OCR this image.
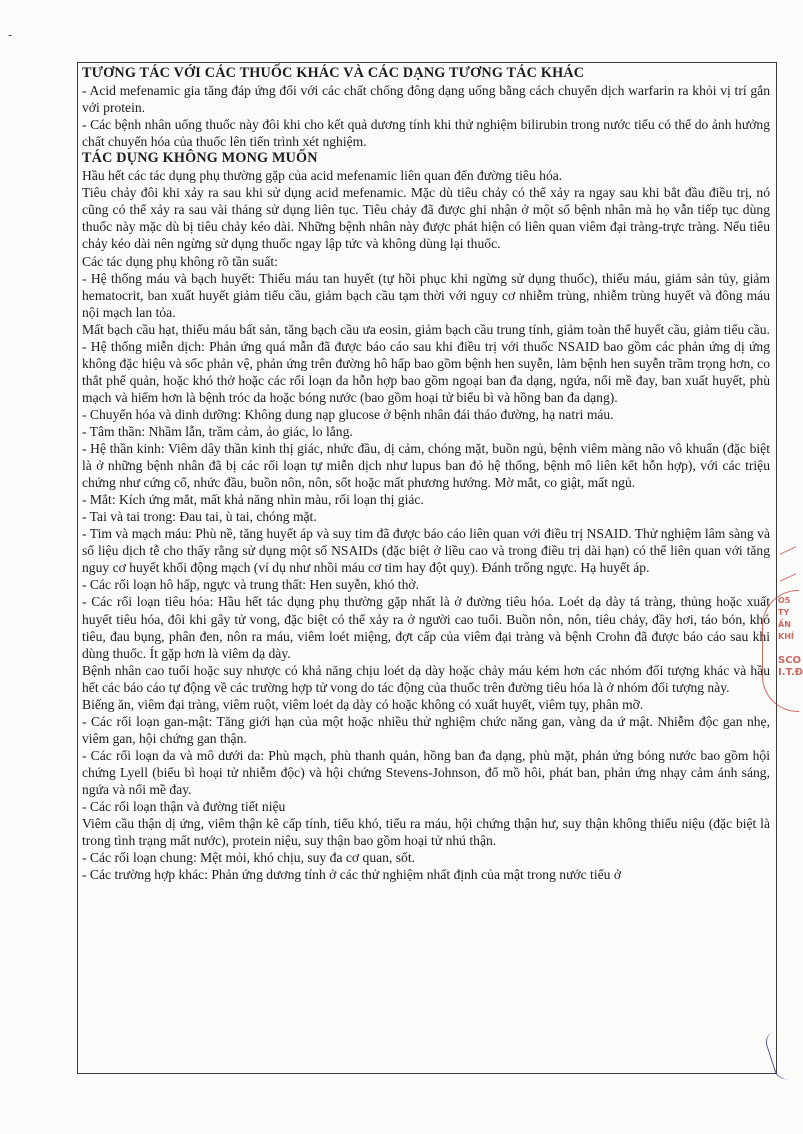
-
TƯƠNG TÁC VỚI CÁC THUỐC KHÁC VÀ CÁC DẠNG TƯƠNG TÁC KHÁC

- Acid mefenamic gia tăng đáp ứng đối với các chất chống đông dạng uống bằng cách chuyển dịch warfarin ra khỏi vị trí gắn với protein.

- Các bệnh nhân uống thuốc này đôi khi cho kết quả dương tính khi thử nghiệm bilirubin trong nước tiểu có thể do ảnh hưởng chất chuyển hóa của thuốc lên tiến trình xét nghiệm.

TÁC DỤNG KHÔNG MONG MUỐN

Hầu hết các tác dụng phụ thường gặp của acid mefenamic liên quan đến đường tiêu hóa.

Tiêu chảy đôi khi xảy ra sau khi sử dụng acid mefenamic. Mặc dù tiêu chảy có thể xảy ra ngay sau khi bắt đầu điều trị, nó cũng có thể xảy ra sau vài tháng sử dụng liên tục. Tiêu chảy đã được ghi nhận ở một số bệnh nhân mà họ vẫn tiếp tục dùng thuốc này mặc dù bị tiêu chảy kéo dài. Những bệnh nhân này được phát hiện có liên quan viêm đại tràng-trực tràng. Nếu tiêu chảy kéo dài nên ngừng sử dụng thuốc ngay lập tức và không dùng lại thuốc.

Các tác dụng phụ không rõ tần suất:

- Hệ thống máu và bạch huyết: Thiếu máu tan huyết (tự hồi phục khi ngừng sử dụng thuốc), thiếu máu, giảm sản tủy, giảm hematocrit, ban xuất huyết giảm tiểu cầu, giảm bạch cầu tạm thời với nguy cơ nhiễm trùng, nhiễm trùng huyết và đông máu nội mạch lan tỏa.

Mất bạch cầu hạt, thiếu máu bất sản, tăng bạch cầu ưa eosin, giảm bạch cầu trung tính, giảm toàn thể huyết cầu, giảm tiểu cầu.

- Hệ thống miễn dịch: Phản ứng quá mẫn đã được báo cáo sau khi điều trị với thuốc NSAID bao gồm các phản ứng dị ứng không đặc hiệu và sốc phản vệ, phản ứng trên đường hô hấp bao gồm bệnh hen suyễn, làm bệnh hen suyễn trầm trọng hơn, co thắt phế quản, hoặc khó thở hoặc các rối loạn da hỗn hợp bao gồm ngoại ban đa dạng, ngứa, nổi mề đay, ban xuất huyết, phù mạch và hiếm hơn là bệnh tróc da hoặc bóng nước (bao gồm hoại tử biểu bì và hồng ban đa dạng).

- Chuyển hóa và dinh dưỡng: Không dung nạp glucose ở bệnh nhân đái tháo đường, hạ natri máu.

- Tâm thần: Nhầm lẫn, trầm cảm, ảo giác, lo lắng.

- Hệ thần kinh: Viêm dây thần kinh thị giác, nhức đầu, dị cảm, chóng mặt, buồn ngủ, bệnh viêm màng não vô khuẩn (đặc biệt là ở những bệnh nhân đã bị các rối loạn tự miễn dịch như lupus ban đỏ hệ thống, bệnh mô liên kết hỗn hợp), với các triệu chứng như cứng cổ, nhức đầu, buồn nôn, nôn, sốt hoặc mất phương hướng. Mờ mắt, co giật, mất ngủ.

- Mắt: Kích ứng mắt, mất khả năng nhìn màu, rối loạn thị giác.

- Tai và tai trong: Đau tai, ù tai, chóng mặt.

- Tim và mạch máu: Phù nề, tăng huyết áp và suy tim đã được báo cáo liên quan với điều trị NSAID. Thử nghiệm lâm sàng và số liệu dịch tễ cho thấy rằng sử dụng một số NSAIDs (đặc biệt ở liều cao và trong điều trị dài hạn) có thể liên quan với tăng nguy cơ huyết khối động mạch (ví dụ như nhồi máu cơ tim hay đột quỵ). Đánh trống ngực. Hạ huyết áp.

- Các rối loạn hô hấp, ngực và trung thất: Hen suyễn, khó thở.

- Các rối loạn tiêu hóa: Hầu hết tác dụng phụ thường gặp nhất là ở đường tiêu hóa. Loét dạ dày tá tràng, thủng hoặc xuất huyết tiêu hóa, đôi khi gây tử vong, đặc biệt có thể xảy ra ở người cao tuổi. Buồn nôn, nôn, tiêu chảy, đầy hơi, táo bón, khó tiêu, đau bụng, phân đen, nôn ra máu, viêm loét miệng, đợt cấp của viêm đại tràng và bệnh Crohn đã được báo cáo sau khi dùng thuốc. Ít gặp hơn là viêm dạ dày.

Bệnh nhân cao tuổi hoặc suy nhược có khả năng chịu loét dạ dày hoặc chảy máu kém hơn các nhóm đối tượng khác và hầu hết các báo cáo tự động về các trường hợp tử vong do tác động của thuốc trên đường tiêu hóa là ở nhóm đối tượng này.

Biếng ăn, viêm đại tràng, viêm ruột, viêm loét dạ dày có hoặc không có xuất huyết, viêm tụy, phân mỡ.

- Các rối loạn gan-mật: Tăng giới hạn của một hoặc nhiều thử nghiệm chức năng gan, vàng da ứ mật. Nhiễm độc gan nhẹ, viêm gan, hội chứng gan thận.

- Các rối loạn da và mô dưới da: Phù mạch, phù thanh quản, hồng ban đa dạng, phù mặt, phản ứng bóng nước bao gồm hội chứng Lyell (biểu bì hoại tử nhiễm độc) và hội chứng Stevens-Johnson, đổ mồ hôi, phát ban, phản ứng nhạy cảm ánh sáng, ngứa và nổi mề đay.

- Các rối loạn thận và đường tiết niệu

Viêm cầu thận dị ứng, viêm thận kẽ cấp tính, tiểu khó, tiểu ra máu, hội chứng thận hư, suy thận không thiểu niệu (đặc biệt là trong tình trạng mất nước), protein niệu, suy thận bao gồm hoại tử nhú thận.

- Các rối loạn chung: Mệt mỏi, khó chịu, suy đa cơ quan, sốt.

- Các trường hợp khác: Phản ứng dương tính ở các thử nghiệm nhất định của mật trong nước tiểu ở

O5
TY
ẦN
KHÍ
SCO
I.T.Đ
